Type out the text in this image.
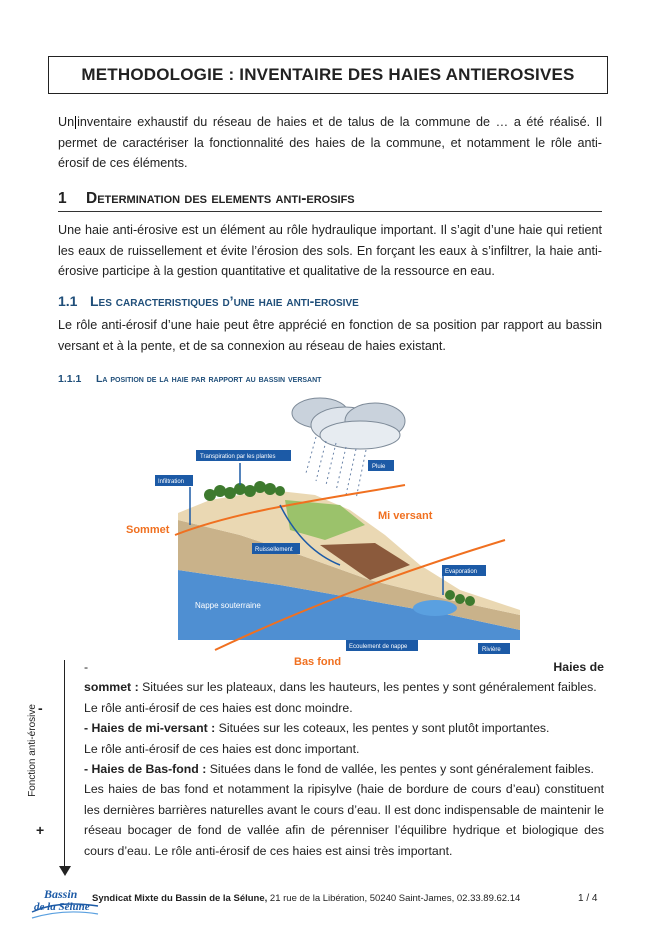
METHODOLOGIE : INVENTAIRE DES HAIES ANTIEROSIVES

Un inventaire exhaustif du réseau de haies et de talus de la commune de … a été réalisé. Il permet de caractériser la fonctionnalité des haies de la commune, et notamment le rôle anti-érosif de ces éléments.

1 Determination des elements anti-erosifs

Une haie anti-érosive est un élément au rôle hydraulique important. Il s’agit d’une haie qui retient les eaux de ruissellement et évite l’érosion des sols. En forçant les eaux à s’infiltrer, la haie anti-érosive participe à la gestion quantitative et qualitative de la ressource en eau.

1.1 Les caracteristiques d’une haie anti-erosive

Le rôle anti-érosif d’une haie peut être apprécié en fonction de sa position par rapport au bassin versant et à la pente, et de sa connexion au réseau de haies existant.

1.1.1 La position de la haie par rapport au bassin versant
Transpiration par les plantes
Pluie
Infiltration
Ruissellement
Evaporation
Nappe souterraine
Ecoulement de nappe	Rivière
Sommet
Mi versant
Bas fond
Fonction anti-érosive -
+

-	Haies de

sommet : Situées sur les plateaux, dans les hauteurs, les pentes y sont généralement faibles.

Le rôle anti-érosif de ces haies est donc moindre.

- Haies de mi-versant : Situées sur les coteaux, les pentes y sont plutôt importantes.

Le rôle anti-érosif de ces haies est donc important.

- Haies de Bas-fond : Situées dans le fond de vallée, les pentes y sont généralement faibles.

Les haies de bas fond et notamment la ripisylve (haie de bordure de cours d’eau) constituent les dernières barrières naturelles avant le cours d’eau. Il est donc indispensable de maintenir le réseau bocager de fond de vallée afin de pérenniser l’équilibre hydrique et biologique des cours d’eau. Le rôle anti-érosif de ces haies est ainsi très important.

Bassin
de la Sélune
Syndicat Mixte du Bassin de la Sélune, 21 rue de la Libération, 50240 Saint-James, 02.33.89.62.14	1 / 4
